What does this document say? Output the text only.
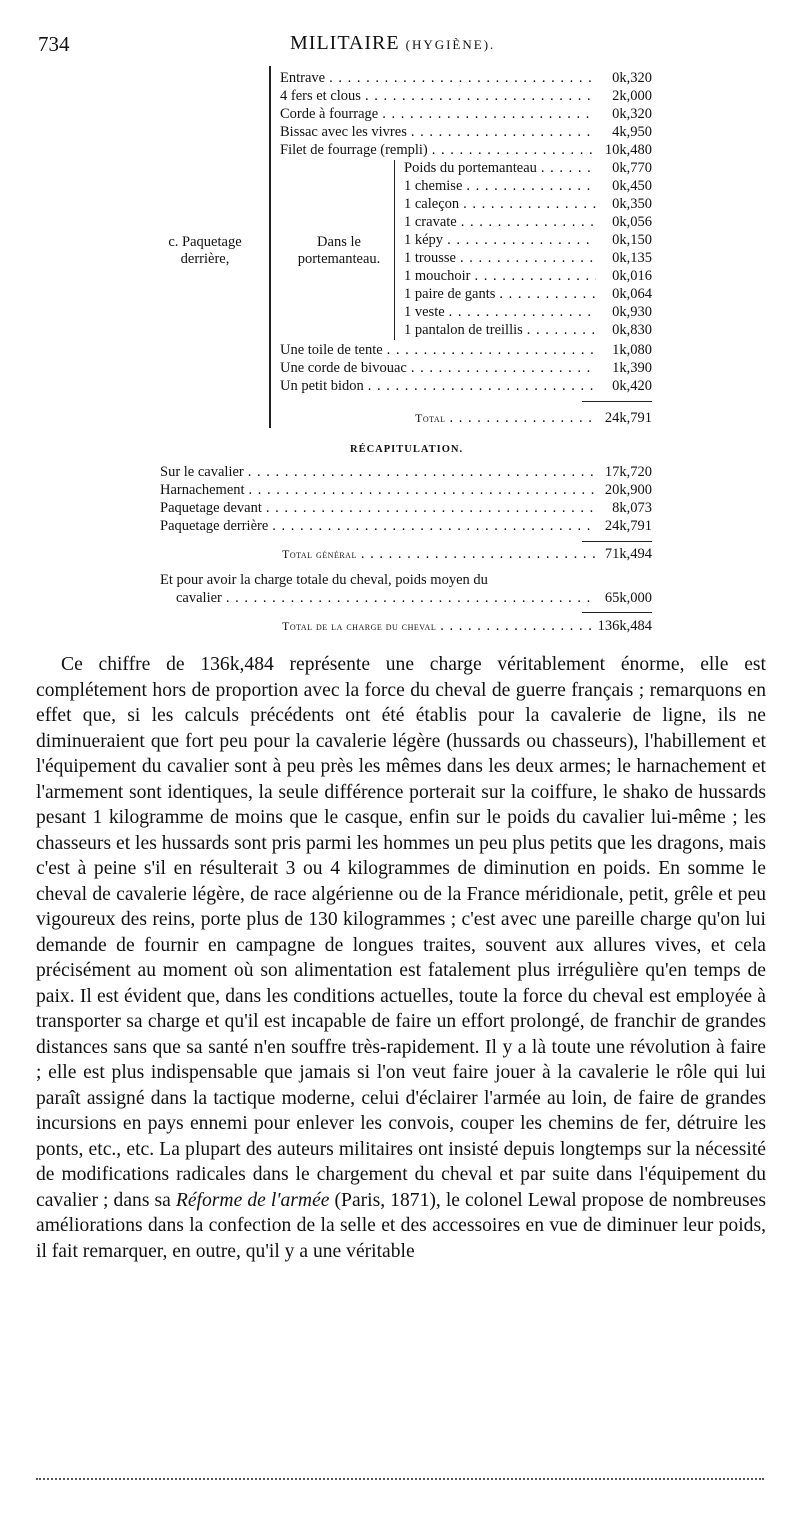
734	MILITAIRE (HYGIÈNE).
c. Paquetage
derrière,
Dans le
portemanteau.
Entrave . . .	0k,320
4 fers et clous . . .	2k,000
Corde à fourrage . . .	0k,320
Bissac avec les vivres . . .	4k,950
Filet de fourrage (rempli) . . .	10k,480
Poids du portemanteau . . .	0k,770
1 chemise . . .	0k,450
1 caleçon . . .	0k,350
1 cravate . . .	0k,056
1 képy . . .	0k,150
1 trousse . . .	0k,135
1 mouchoir . . .	0k,016
1 paire de gants . . .	0k,064
1 veste . . .	0k,930
1 pantalon de treillis . . .	0k,830
Une toile de tente . . .	1k,080
Une corde de bivouac . . .	1k,390
Un petit bidon . . .	0k,420
Total . . .	24k,791
RÉCAPITULATION.
Sur le cavalier . . .	17k,720
Harnachement . . .	20k,900
Paquetage devant . . .	8k,073
Paquetage derrière . . .	24k,791
Total général . . .	71k,494
Et pour avoir la charge totale du cheval, poids moyen du
cavalier . . .	65k,000
Total de la charge du cheval . . .	136k,484

Ce chiffre de 136k,484 représente une charge véritablement énorme, elle est complétement hors de proportion avec la force du cheval de guerre français ; remarquons en effet que, si les calculs précédents ont été établis pour la cavalerie de ligne, ils ne diminueraient que fort peu pour la cavalerie légère (hussards ou chasseurs), l'habillement et l'équipement du cavalier sont à peu près les mêmes dans les deux armes; le harnachement et l'armement sont identiques, la seule différence porterait sur la coiffure, le shako de hussards pesant 1 kilogramme de moins que le casque, enfin sur le poids du cavalier lui-même ; les chasseurs et les hussards sont pris parmi les hommes un peu plus petits que les dragons, mais c'est à peine s'il en résulterait 3 ou 4 kilogrammes de diminution en poids. En somme le cheval de cavalerie légère, de race algérienne ou de la France méridionale, petit, grêle et peu vigoureux des reins, porte plus de 130 kilogrammes ; c'est avec une pareille charge qu'on lui demande de fournir en campagne de longues traites, souvent aux allures vives, et cela précisément au moment où son alimentation est fatalement plus irrégulière qu'en temps de paix. Il est évident que, dans les conditions actuelles, toute la force du cheval est employée à transporter sa charge et qu'il est incapable de faire un effort prolongé, de franchir de grandes distances sans que sa santé n'en souffre très-rapidement. Il y a là toute une révolution à faire ; elle est plus indispensable que jamais si l'on veut faire jouer à la cavalerie le rôle qui lui paraît assigné dans la tactique moderne, celui d'éclairer l'armée au loin, de faire de grandes incursions en pays ennemi pour enlever les convois, couper les chemins de fer, détruire les ponts, etc., etc. La plupart des auteurs militaires ont insisté depuis longtemps sur la nécessité de modifications radicales dans le chargement du cheval et par suite dans l'équipement du cavalier ; dans sa Réforme de l'armée (Paris, 1871), le colonel Lewal propose de nombreuses améliorations dans la confection de la selle et des accessoires en vue de diminuer leur poids, il fait remarquer, en outre, qu'il y a une véritable
